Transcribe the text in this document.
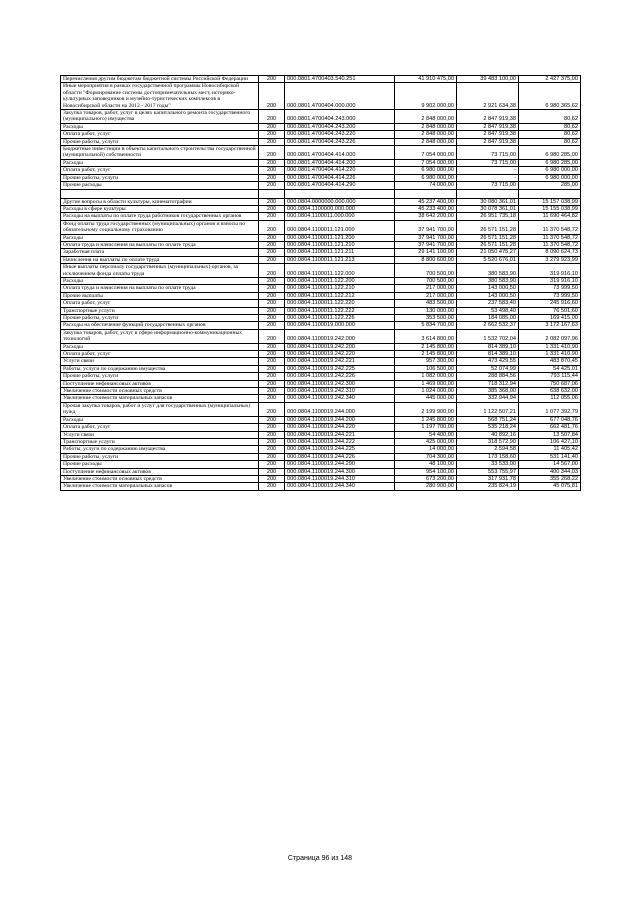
Перечисления другим бюджетам бюджетной системы Российской Федерации	200	000.0801.4700403.540.251	41 910 475,00	39 483 100,00	2 427 375,00
Иные мероприятия в рамках государственной программы Новосибирской области "Формирование системы достопримечательных мест, историко-культурных заповедников и музейно-туристических комплексов в Новосибирской области на 2012 - 2017 годы"	200	000.0801.4700404.000.000	9 902 000,00	2 921 634,38	6 980 365,62
Закупка товаров, работ, услуг в целях капитального ремонта государственного (муниципального) имущества	200	000.0801.4700404.243.000	2 848 000,00	2 847 919,38	80,62
Расходы	200	000.0801.4700404.243.200	2 848 000,00	2 847 919,38	80,62
Оплата работ, услуг	200	000.0801.4700404.243.220	2 848 000,00	2 847 919,38	80,62
Прочие работы, услуги	200	000.0801.4700404.243.226	2 848 000,00	2 847 919,38	80,62
Бюджетные инвестиции в объекты капитального строительства государственной (муниципальной) собственности	200	000.0801.4700404.414.000	7 054 000,00	73 715,00	6 980 285,00
Расходы	200	000.0801.4700404.414.200	7 054 000,00	73 715,00	6 980 285,00
Оплата работ, услуг	200	000.0801.4700404.414.220	6 980 000,00	-	6 980 000,00
Прочие работы, услуги	200	000.0801.4700404.414.226	6 980 000,00	-	6 980 000,00
Прочие расходы	200	000.0801.4700404.414.290	74 000,00	73 715,00	285,00

Другие вопросы в области культуры, кинематографии	200	000.0804.0000000.000.000	45 237 400,00	30 080 361,01	15 157 038,99
Расходы в сфере культуры	200	000.0804.1100000.000.000	45 233 400,00	30 078 361,01	15 155 038,99
Расходы на выплаты по оплате труда работников государственных органов	200	000.0804.1100011.000.000	38 642 200,00	26 951 735,18	11 690 464,82
Фонд оплаты труда государственных (муниципальных) органов и взносы по обязательному социальному страхованию	200	000.0804.1100011.121.000	37 941 700,00	26 571 151,28	11 370 548,72
Расходы	200	000.0804.1100011.121.200	37 941 700,00	26 571 151,28	11 370 548,72
Оплата труда и начисления на выплаты по оплате труда	200	000.0804.1100011.121.210	37 941 700,00	26 571 151,28	11 370 548,72
Заработная плата	200	000.0804.1100011.121.211	29 141 100,00	21 050 475,27	8 090 624,73
Начисления на выплаты по оплате труда	200	000.0804.1100011.121.213	8 800 600,00	5 520 676,01	3 279 923,99
Иные выплаты персоналу государственных (муниципальных) органов, за исключением фонда оплаты труда	200	000.0804.1100011.122.000	700 500,00	380 583,90	319 916,10
Расходы	200	000.0804.1100011.122.200	700 500,00	380 583,90	319 916,10
Оплата труда и начисления на выплаты по оплате труда	200	000.0804.1100011.122.210	217 000,00	143 000,50	73 999,50
Прочие выплаты	200	000.0804.1100011.122.212	217 000,00	143 000,50	73 999,50
Оплата работ, услуг	200	000.0804.1100011.122.220	483 500,00	237 583,40	245 916,60
Транспортные услуги	200	000.0804.1100011.122.222	130 000,00	53 498,40	76 501,60
Прочие работы, услуги	200	000.0804.1100011.122.226	353 500,00	184 085,00	169 415,00
Расходы на обеспечение функций государственных органов	200	000.0804.1100019.000.000	5 834 700,00	2 662 532,37	3 172 167,63
Закупка товаров, работ, услуг в сфере информационно-коммуникационных технологий	200	000.0804.1100019.242.000	3 614 800,00	1 532 702,04	2 082 097,96
Расходы	200	000.0804.1100019.242.200	2 145 800,00	814 389,10	1 331 410,90
Оплата работ, услуг	200	000.0804.1100019.242.220	2 145 800,00	814 389,10	1 331 410,90
Услуги связи	200	000.0804.1100019.242.221	957 300,00	473 429,55	483 870,45
Работы, услуги по содержанию имущества	200	000.0804.1100019.242.225	106 500,00	52 074,99	54 425,01
Прочие работы, услуги	200	000.0804.1100019.242.226	1 082 000,00	288 884,56	793 115,44
Поступление нефинансовых активов	200	000.0804.1100019.242.300	1 469 000,00	718 312,94	750 687,06
Увеличение стоимости основных средств	200	000.0804.1100019.242.310	1 024 000,00	385 368,00	638 632,00
Увеличение стоимости материальных запасов	200	000.0804.1100019.242.340	445 000,00	332 944,94	112 055,06
Прочая закупка товаров, работ и услуг для государственных (муниципальных) нужд	200	000.0804.1100019.244.000	2 199 900,00	1 122 507,21	1 077 392,79
Расходы	200	000.0804.1100019.244.200	1 245 800,00	568 751,24	677 048,76
Оплата работ, услуг	200	000.0804.1100019.244.220	1 197 700,00	535 218,24	662 481,76
Услуги связи	200	000.0804.1100019.244.221	54 400,00	40 892,16	13 507,84
Транспортные услуги	200	000.0804.1100019.244.222	425 000,00	318 572,90	106 427,10
Работы, услуги по содержанию имущества	200	000.0804.1100019.244.225	14 000,00	2 594,58	11 405,42
Прочие работы, услуги	200	000.0804.1100019.244.226	704 300,00	173 158,60	531 141,40
Прочие расходы	200	000.0804.1100019.244.290	48 100,00	33 533,00	14 567,00
Поступление нефинансовых активов	200	000.0804.1100019.244.300	954 100,00	553 755,97	400 344,03
Увеличение стоимости основных средств	200	000.0804.1100019.244.310	673 200,00	317 931,78	355 268,22
Увеличение стоимости материальных запасов	200	000.0804.1100019.244.340	280 900,00	235 824,19	45 075,81
Страница 96 из 148
